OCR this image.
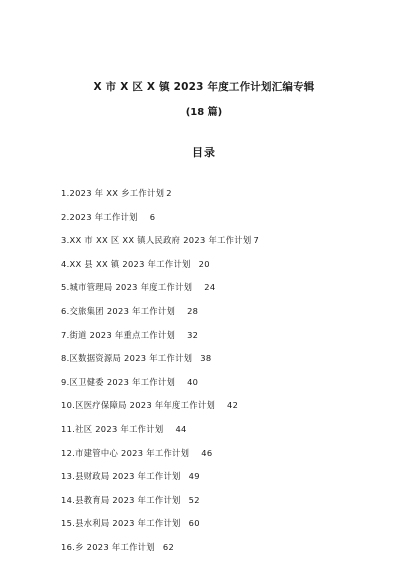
X 市 X 区 X 镇 2023 年度工作计划汇编专辑
(18 篇)
目录
1.2023 年 XX 乡工作计划 2
2.2023 年工作计划 6
3.XX 市 XX 区 XX 镇人民政府 2023 年工作计划 7
4.XX 县 XX 镇 2023 年工作计划 20
5.城市管理局 2023 年度工作计划 24
6.交旅集团 2023 年工作计划 28
7.街道 2023 年重点工作计划 32
8.区数据资源局 2023 年工作计划 38
9.区卫健委 2023 年工作计划 40
10.区医疗保障局 2023 年年度工作计划 42
11.社区 2023 年工作计划 44
12.市建管中心 2023 年工作计划 46
13.县财政局 2023 年工作计划 49
14.县教育局 2023 年工作计划 52
15.县水利局 2023 年工作计划 60
16.乡 2023 年工作计划 62
